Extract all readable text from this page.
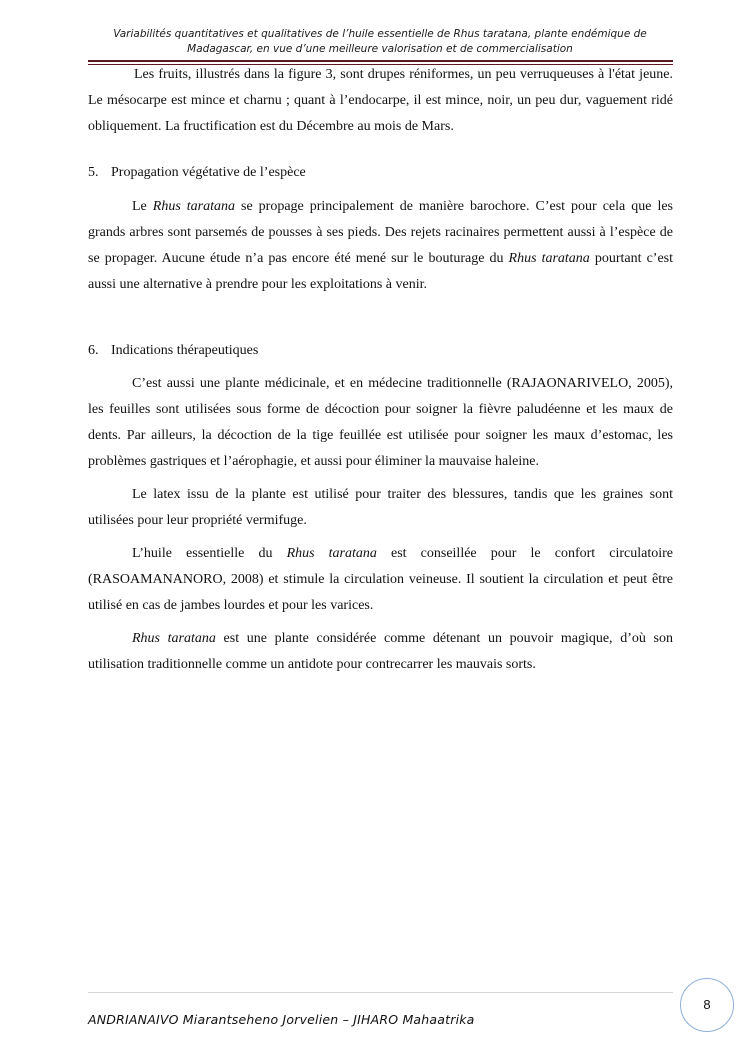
Variabilités quantitatives et qualitatives de l’huile essentielle de Rhus taratana, plante endémique de
Madagascar, en vue d’une meilleure valorisation et de commercialisation

Les fruits, illustrés dans la figure 3, sont drupes réniformes, un peu verruqueuses à l'état jeune. Le mésocarpe est mince et charnu ; quant à l’endocarpe, il est mince, noir, un peu dur, vaguement ridé obliquement. La fructification est du Décembre au mois de Mars.

5. Propagation végétative de l’espèce

Le Rhus taratana se propage principalement de manière barochore. C’est pour cela que les grands arbres sont parsemés de pousses à ses pieds. Des rejets racinaires permettent aussi à l’espèce de se propager. Aucune étude n’a pas encore été mené sur le bouturage du Rhus taratana pourtant c’est aussi une alternative à prendre pour les exploitations à venir.

6. Indications thérapeutiques

C’est aussi une plante médicinale, et en médecine traditionnelle (RAJAONARIVELO, 2005), les feuilles sont utilisées sous forme de décoction pour soigner la fièvre paludéenne et les maux de dents. Par ailleurs, la décoction de la tige feuillée est utilisée pour soigner les maux d’estomac, les problèmes gastriques et l’aérophagie, et aussi pour éliminer la mauvaise haleine.

Le latex issu de la plante est utilisé pour traiter des blessures, tandis que les graines sont utilisées pour leur propriété vermifuge.

L’huile essentielle du Rhus taratana est conseillée pour le confort circulatoire (RASOAMANANORO, 2008) et stimule la circulation veineuse. Il soutient la circulation et peut être utilisé en cas de jambes lourdes et pour les varices.

Rhus taratana est une plante considérée comme détenant un pouvoir magique, d’où son utilisation traditionnelle comme un antidote pour contrecarrer les mauvais sorts.

ANDRIANAIVO Miarantseheno Jorvelien – JIHARO Mahaatrika
8
